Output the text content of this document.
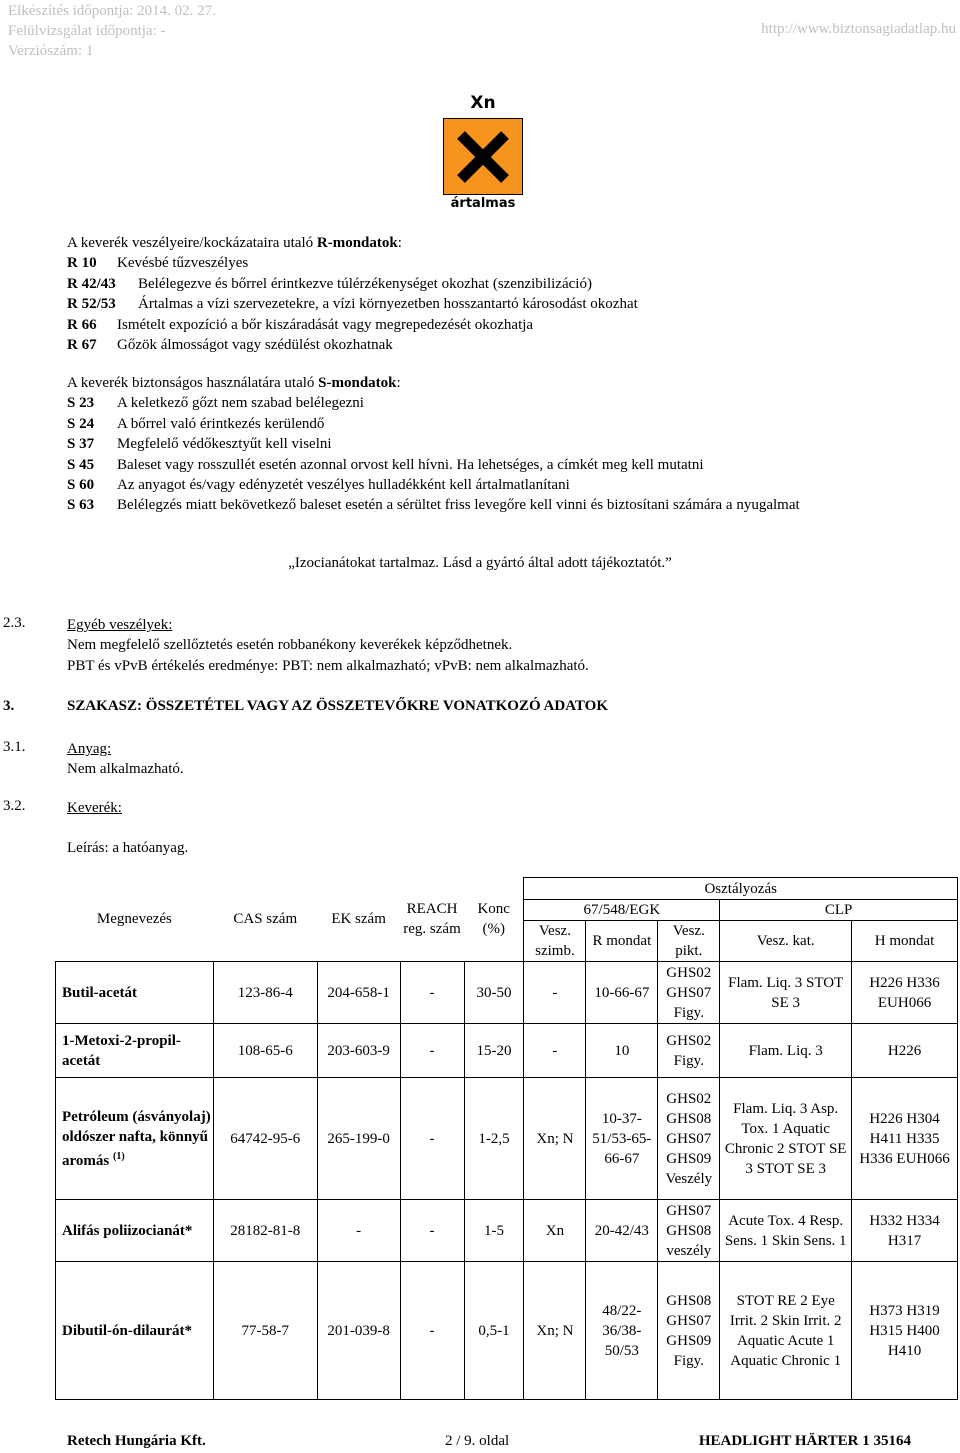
Elkészítés időpontja: 2014. 02. 27.
Felülvizsgálat időpontja: -
Verziószám: 1
http://www.biztonsagiadatlap.hu
Xn
ártalmas
A keverék veszélyeire/kockázataira utaló R-mondatok:
R 10 Kevésbé tűzveszélyes
R 42/43 Belélegezve és bőrrel érintkezve túlérzékenységet okozhat (szenzibilizáció)
R 52/53 Ártalmas a vízi szervezetekre, a vízi környezetben hosszantartó károsodást okozhat
R 66 Ismételt expozíció a bőr kiszáradását vagy megrepedezését okozhatja
R 67 Gőzök álmosságot vagy szédülést okozhatnak
A keverék biztonságos használatára utaló S-mondatok:
S 23 A keletkező gőzt nem szabad belélegezni
S 24 A bőrrel való érintkezés kerülendő
S 37 Megfelelő védőkesztyűt kell viselni
S 45 Baleset vagy rosszullét esetén azonnal orvost kell hívni. Ha lehetséges, a címkét meg kell mutatni
S 60 Az anyagot és/vagy edényzetét veszélyes hulladékként kell ártalmatlanítani
S 63 Belélegzés miatt bekövetkező baleset esetén a sérültet friss levegőre kell vinni és biztosítani számára a nyugalmat
„Izocianátokat tartalmaz. Lásd a gyártó által adott tájékoztatót.”
2.3.	Egyéb veszélyek:
Nem megfelelő szellőztetés esetén robbanékony keverékek képződhetnek.
PBT és vPvB értékelés eredménye: PBT: nem alkalmazható; vPvB: nem alkalmazható.
3.	SZAKASZ: ÖSSZETÉTEL VAGY AZ ÖSSZETEVŐKRE VONATKOZÓ ADATOK
3.1.	Anyag:
Nem alkalmazható.
3.2.	Keverék:
Leírás: a hatóanyag.
Megnevezés	CAS szám	EK szám	REACH reg. szám	Konc (%)	Osztályozás				
					67/548/EGK			CLP	
					Vesz. szimb.	R mondat	Vesz. pikt.	Vesz. kat.	H mondat
Butil-acetát	123-86-4	204-658-1	-	30-50	-	10-66-67	GHS02 GHS07 Figy.	Flam. Liq. 3 STOT SE 3	H226 H336 EUH066
1-Metoxi-2-propil-acetát	108-65-6	203-603-9	-	15-20	-	10	GHS02 Figy.	Flam. Liq. 3	H226
Petróleum (ásványolaj) oldószer nafta, könnyű aromás $^{(1)}$	64742-95-6	265-199-0	-	1-2,5	Xn; N	10-37-51/53-65-66-67	GHS02 GHS08 GHS07 GHS09 Veszély	Flam. Liq. 3 Asp. Tox. 1 Aquatic Chronic 2 STOT SE 3 STOT SE 3	H226 H304 H411 H335 H336 EUH066
Alifás poliizocianát*	28182-81-8	-	-	1-5	Xn	20-42/43	GHS07 GHS08 veszély	Acute Tox. 4 Resp. Sens. 1 Skin Sens. 1	H332 H334 H317
Dibutil-ón-dilaurát*	77-58-7	201-039-8	-	0,5-1	Xn; N	48/22-36/38-50/53	GHS08 GHS07 GHS09 Figy.	STOT RE 2 Eye Irrit. 2 Skin Irrit. 2 Aquatic Acute 1 Aquatic Chronic 1	H373 H319 H315 H400 H410
Retech Hungária Kft.	2 / 9. oldal	HEADLIGHT HÄRTER 1 35164
